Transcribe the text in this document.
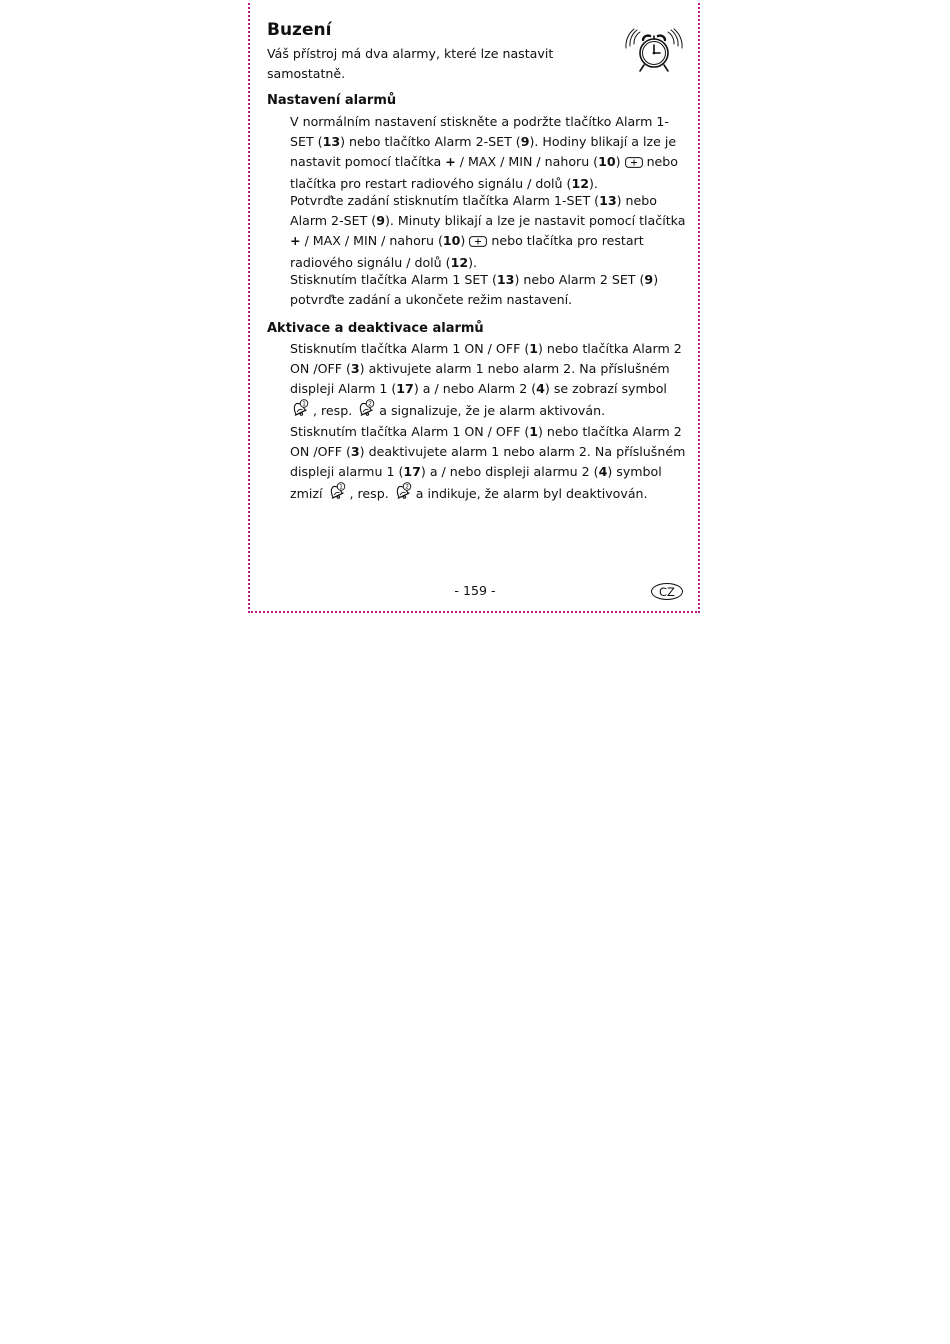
Buzení

Váš přístroj má dva alarmy, které lze nastavit samostatně.

Nastavení alarmů

V normálním nastavení stiskněte a podržte tlačítko Alarm 1-SET (13) nebo tlačítko Alarm 2-SET (9). Hodiny blikají a lze je nastavit pomocí tlačítka + / MAX / MIN / nahoru (10)  nebo tlačítka pro restart radiového signálu / dolů (12).

Potvrďte zadání stisknutím tlačítka Alarm 1-SET (13) nebo Alarm 2-SET (9). Minuty blikají a lze je nastavit pomocí tlačítka + / MAX / MIN / nahoru (10)  nebo tlačítka pro restart radiového signálu / dolů (12).

Stisknutím tlačítka Alarm 1 SET (13) nebo Alarm 2 SET (9) potvrďte zadání a ukončete režim nastavení.

Aktivace a deaktivace alarmů

Stisknutím tlačítka Alarm 1 ON / OFF (1) nebo tlačítka Alarm 2 ON /OFF (3) aktivujete alarm 1 nebo alarm 2. Na příslušném displeji Alarm 1 (17) a / nebo Alarm 2 (4) se zobrazí symbol
1 , resp. 2 a signalizuje, že je alarm aktivován.

Stisknutím tlačítka Alarm 1 ON / OFF (1) nebo tlačítka Alarm 2 ON /OFF (3) deaktivujete alarm 1 nebo alarm 2. Na příslušném displeji alarmu 1 (17) a / nebo displeji alarmu 2 (4) symbol zmizí 1 , resp. 2 a indikuje, že alarm byl deaktivován.

- 159 -	CZ
